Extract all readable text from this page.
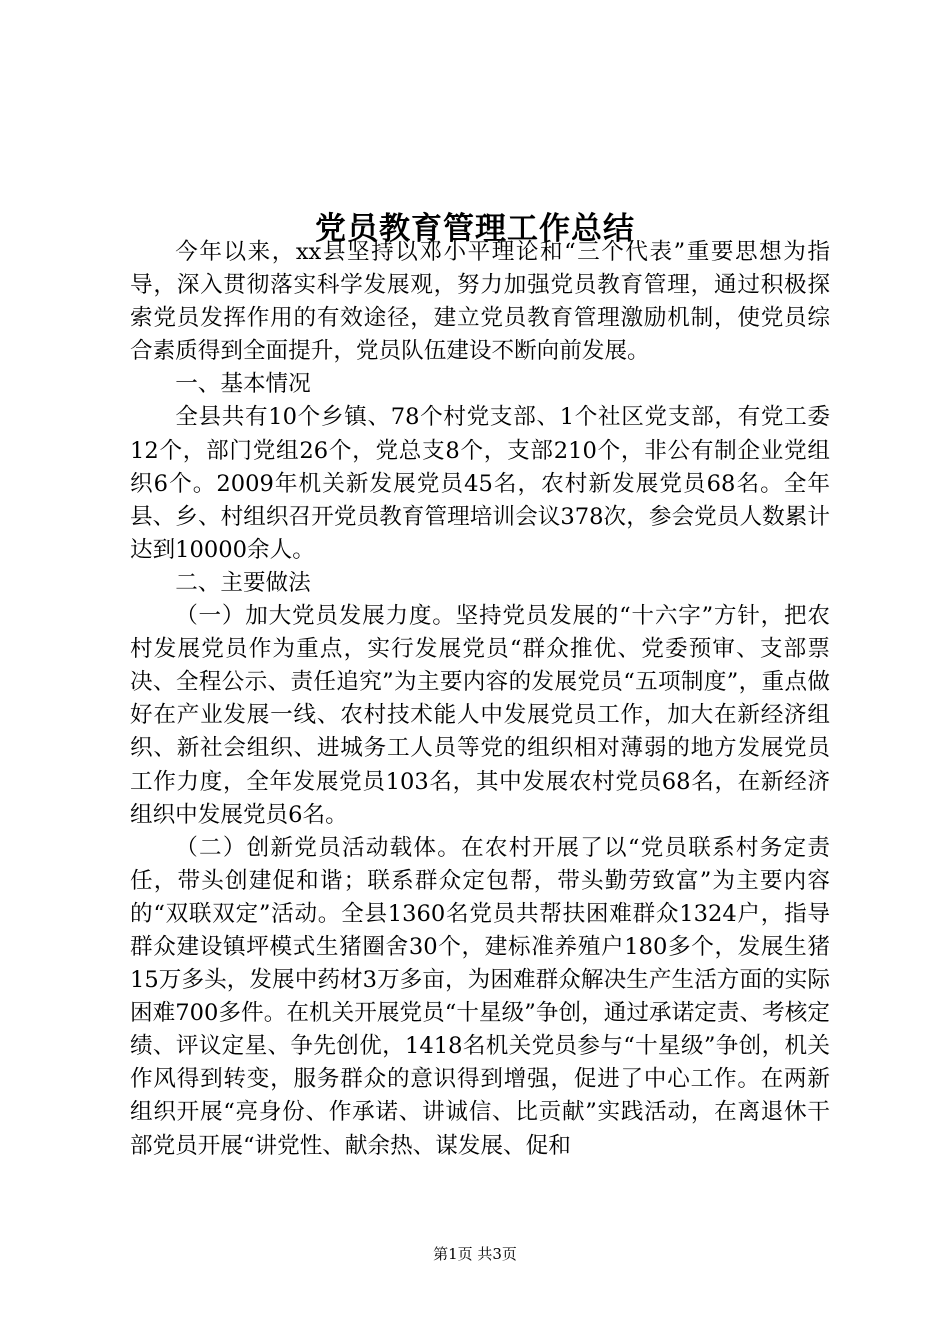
党员教育管理工作总结

今年以来，xx县坚持以邓小平理论和“三个代表”重要思想为指导，深入贯彻落实科学发展观，努力加强党员教育管理，通过积极探索党员发挥作用的有效途径，建立党员教育管理激励机制，使党员综合素质得到全面提升，党员队伍建设不断向前发展。

一、基本情况

全县共有10个乡镇、78个村党支部、1个社区党支部，有党工委12个，部门党组26个，党总支8个，支部210个，非公有制企业党组织6个。2009年机关新发展党员45名，农村新发展党员68名。全年县、乡、村组织召开党员教育管理培训会议378次，参会党员人数累计达到10000余人。

二、主要做法

（一）加大党员发展力度。坚持党员发展的“十六字”方针，把农村发展党员作为重点，实行发展党员“群众推优、党委预审、支部票决、全程公示、责任追究”为主要内容的发展党员“五项制度”，重点做好在产业发展一线、农村技术能人中发展党员工作，加大在新经济组织、新社会组织、进城务工人员等党的组织相对薄弱的地方发展党员工作力度，全年发展党员103名，其中发展农村党员68名，在新经济组织中发展党员6名。

（二）创新党员活动载体。在农村开展了以“党员联系村务定责任，带头创建促和谐；联系群众定包帮，带头勤劳致富”为主要内容的“双联双定”活动。全县1360名党员共帮扶困难群众1324户，指导群众建设镇坪模式生猪圈舍30个，建标准养殖户180多个，发展生猪15万多头，发展中药材3万多亩，为困难群众解决生产生活方面的实际困难700多件。在机关开展党员“十星级”争创，通过承诺定责、考核定绩、评议定星、争先创优，1418名机关党员参与“十星级”争创，机关作风得到转变，服务群众的意识得到增强，促进了中心工作。在两新组织开展“亮身份、作承诺、讲诚信、比贡献”实践活动，在离退休干部党员开展“讲党性、献余热、谋发展、促和

第1页 共3页
